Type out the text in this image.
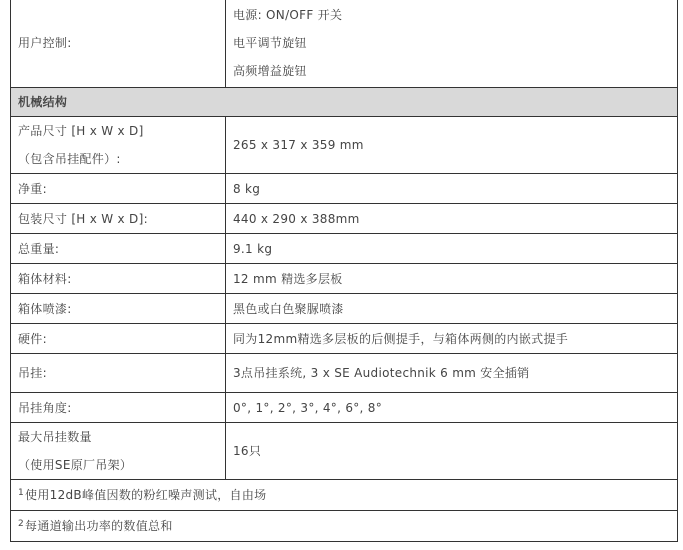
用户控制:	电源: ON/OFF 开关
电平调节旋钮
高频增益旋钮

机械结构	

产品尺寸 [H x W x D]
（包含吊挂配件）:	265 x 317 x 359 mm
净重:	8 kg
包装尺寸 [H x W x D]:	440 x 290 x 388mm
总重量:	9.1 kg
箱体材料:	12 mm 精选多层板
箱体喷漆:	黑色或白色聚脲喷漆
硬件:	同为12mm精选多层板的后侧提手，与箱体两侧的内嵌式提手
吊挂:	3点吊挂系统, 3 x SE Audiotechnik 6 mm 安全插销
吊挂角度:	0°, 1°, 2°, 3°, 4°, 6°, 8°

最大吊挂数量
（使用SE原厂吊架）	16只
$^1$使用12dB峰值因数的粉红噪声测试，自由场	
$^2$每通道输出功率的数值总和	
